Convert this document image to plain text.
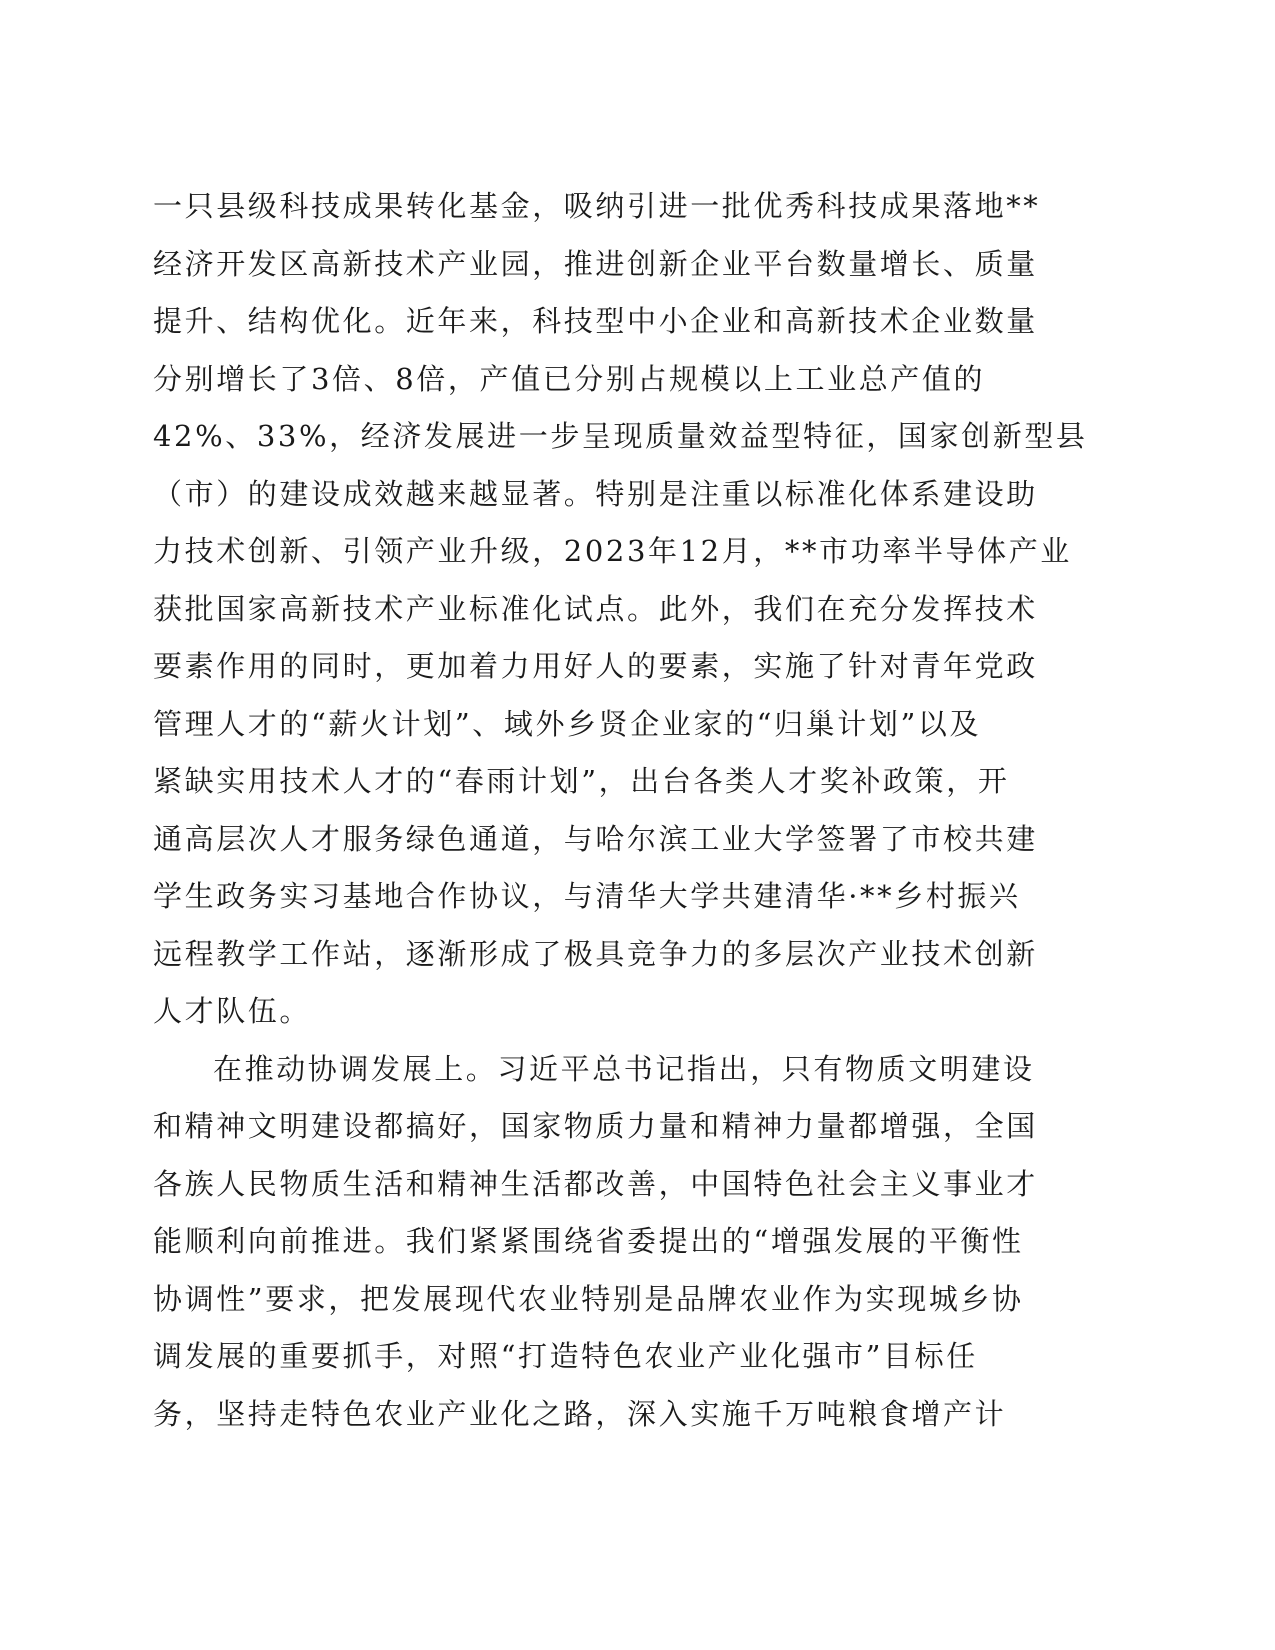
一只县级科技成果转化基金，吸纳引进一批优秀科技成果落地**
经济开发区高新技术产业园，推进创新企业平台数量增长、质量
提升、结构优化。近年来，科技型中小企业和高新技术企业数量
分别增长了3倍、8倍，产值已分别占规模以上工业总产值的
42%、33%，经济发展进一步呈现质量效益型特征，国家创新型县
（市）的建设成效越来越显著。特别是注重以标准化体系建设助
力技术创新、引领产业升级，2023年12月，**市功率半导体产业
获批国家高新技术产业标准化试点。此外，我们在充分发挥技术
要素作用的同时，更加着力用好人的要素，实施了针对青年党政
管理人才的“薪火计划”、域外乡贤企业家的“归巢计划”以及
紧缺实用技术人才的“春雨计划”，出台各类人才奖补政策，开
通高层次人才服务绿色通道，与哈尔滨工业大学签署了市校共建
学生政务实习基地合作协议，与清华大学共建清华·**乡村振兴
远程教学工作站，逐渐形成了极具竞争力的多层次产业技术创新
人才队伍。
在推动协调发展上。习近平总书记指出，只有物质文明建设
和精神文明建设都搞好，国家物质力量和精神力量都增强，全国
各族人民物质生活和精神生活都改善，中国特色社会主义事业才
能顺利向前推进。我们紧紧围绕省委提出的“增强发展的平衡性
协调性”要求，把发展现代农业特别是品牌农业作为实现城乡协
调发展的重要抓手，对照“打造特色农业产业化强市”目标任
务，坚持走特色农业产业化之路，深入实施千万吨粮食增产计
